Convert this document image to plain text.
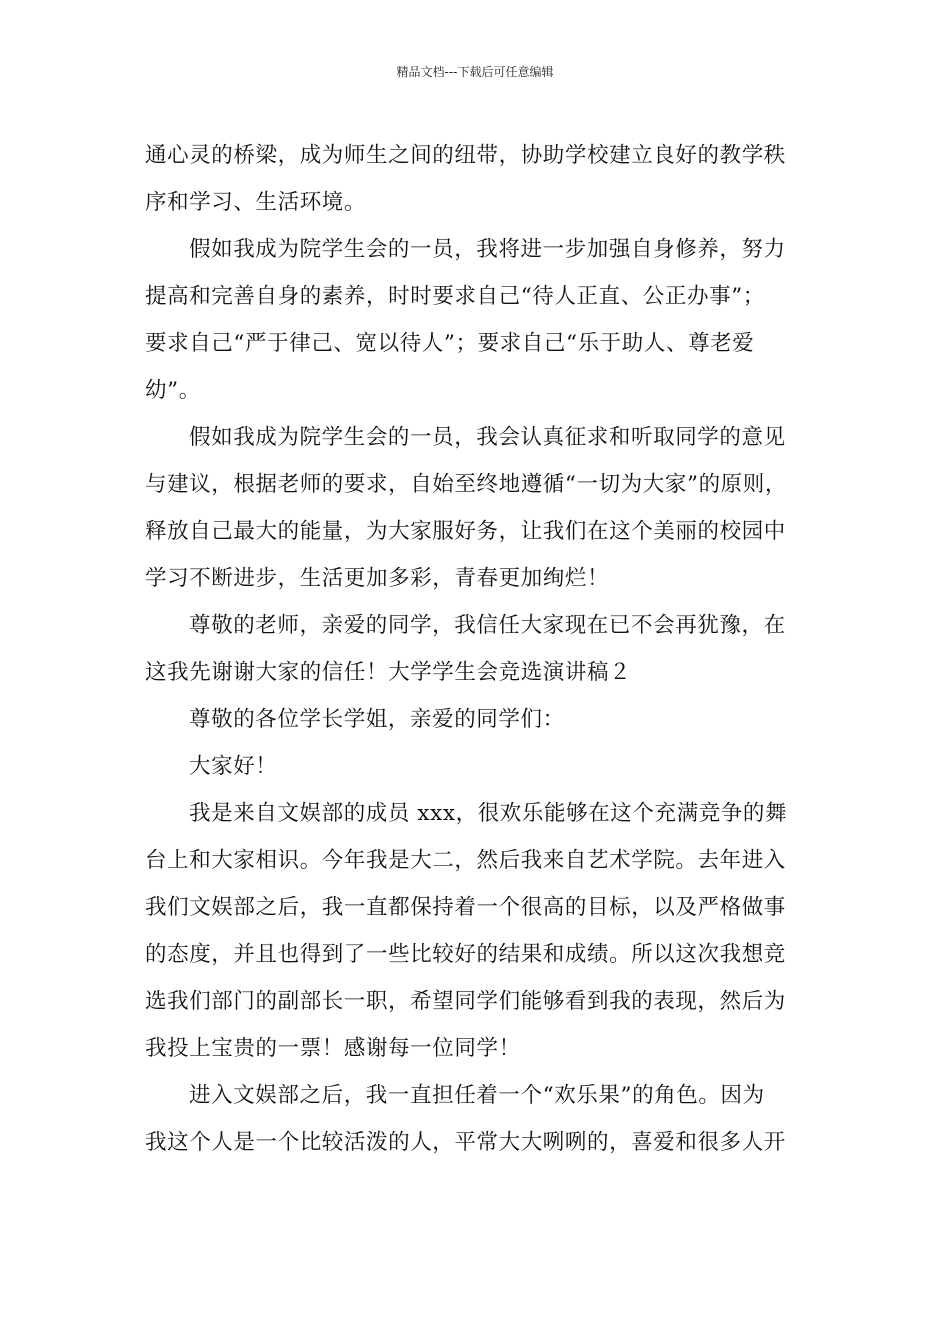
精品文档---下载后可任意编辑
通心灵的桥梁，成为师生之间的纽带，协助学校建立良好的教学秩
序和学习、生活环境。
假如我成为院学生会的一员，我将进一步加强自身修养，努力
提高和完善自身的素养，时时要求自己“待人正直、公正办事”；
要求自己“严于律己、宽以待人”；要求自己“乐于助人、尊老爱
幼”。
假如我成为院学生会的一员，我会认真征求和听取同学的意见
与建议，根据老师的要求，自始至终地遵循“一切为大家”的原则，
释放自己最大的能量，为大家服好务，让我们在这个美丽的校园中
学习不断进步，生活更加多彩，青春更加绚烂！
尊敬的老师，亲爱的同学，我信任大家现在已不会再犹豫，在
这我先谢谢大家的信任！大学学生会竞选演讲稿２
尊敬的各位学长学姐，亲爱的同学们：
大家好！
我是来自文娱部的成员 xxx，很欢乐能够在这个充满竞争的舞
台上和大家相识。今年我是大二，然后我来自艺术学院。去年进入
我们文娱部之后，我一直都保持着一个很高的目标，以及严格做事
的态度，并且也得到了一些比较好的结果和成绩。所以这次我想竞
选我们部门的副部长一职，希望同学们能够看到我的表现，然后为
我投上宝贵的一票！感谢每一位同学！
进入文娱部之后，我一直担任着一个“欢乐果”的角色。因为
我这个人是一个比较活泼的人，平常大大咧咧的，喜爱和很多人开
